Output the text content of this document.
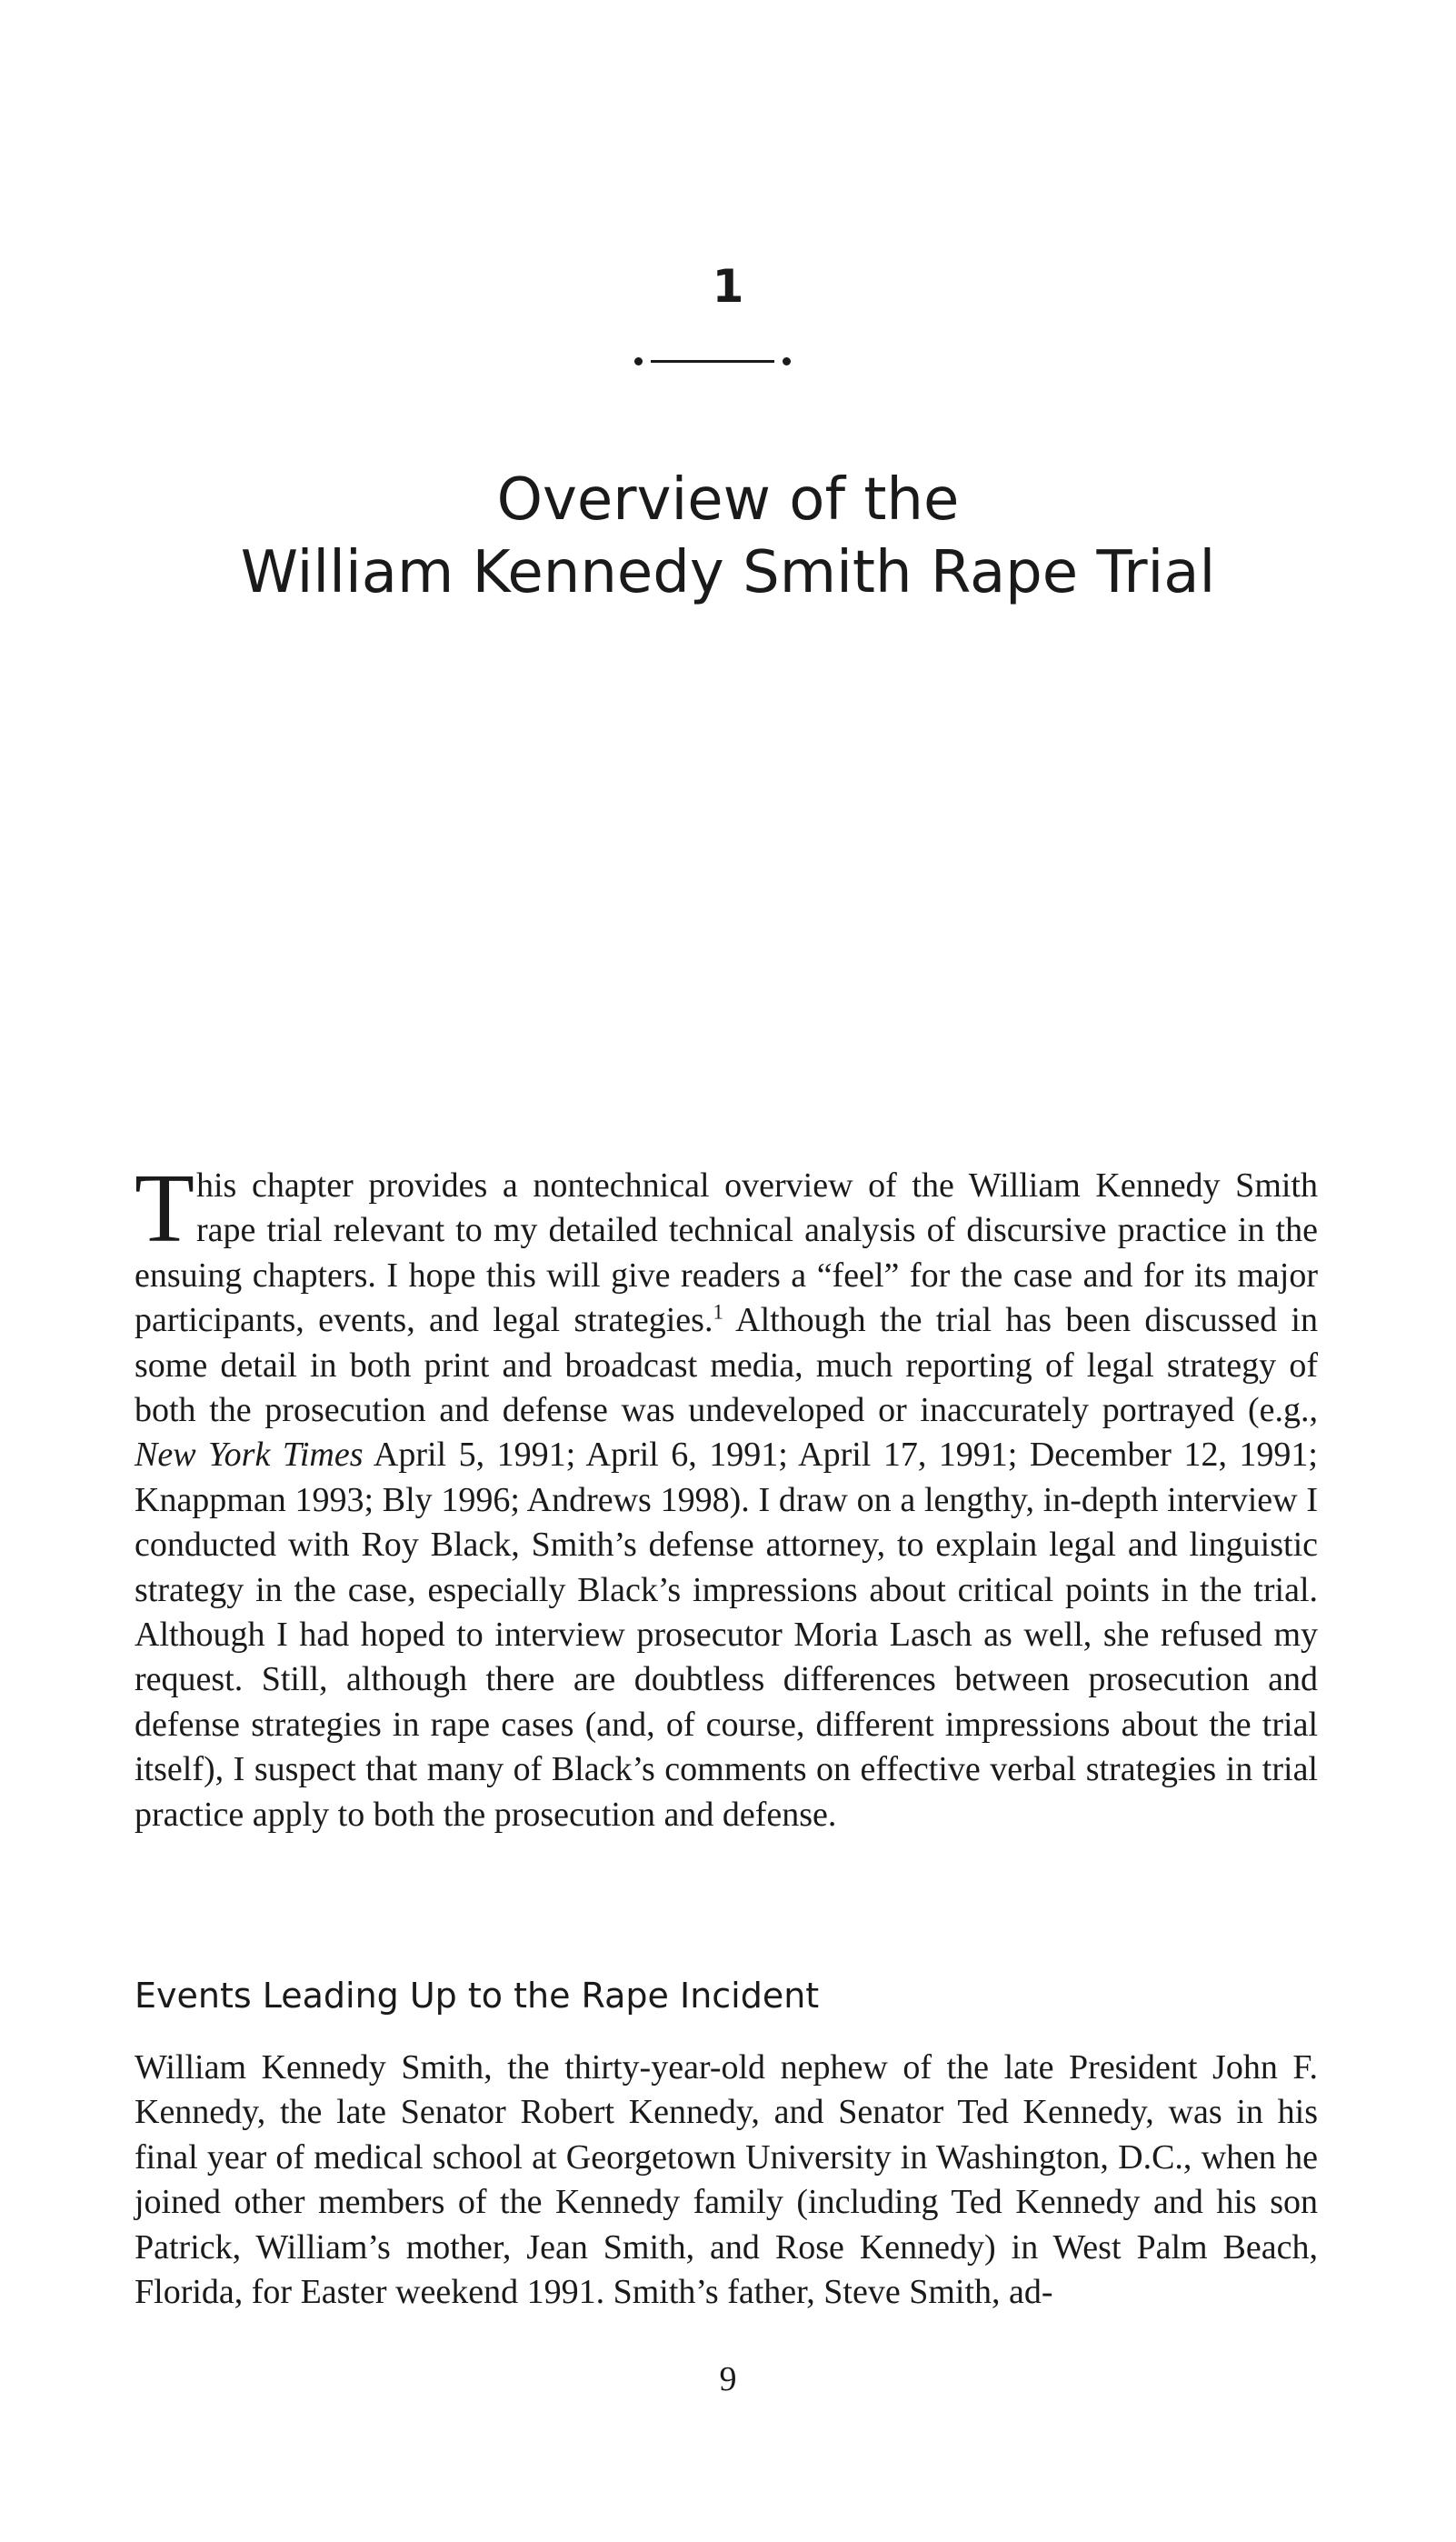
1
Overview of the
William Kennedy Smith Rape Trial

This chapter provides a nontechnical overview of the William Kennedy Smith rape trial relevant to my detailed technical analysis of discursive practice in the ensuing chapters. I hope this will give readers a “feel” for the case and for its major participants, events, and legal strategies.$^1$ Although the trial has been discussed in some detail in both print and broadcast media, much reporting of legal strategy of both the prosecution and defense was undeveloped or inaccurately portrayed (e.g., New York Times April 5, 1991; April 6, 1991; April 17, 1991; December 12, 1991; Knappman 1993; Bly 1996; Andrews 1998). I draw on a lengthy, in-depth interview I conducted with Roy Black, Smith’s defense attorney, to explain legal and linguistic strategy in the case, especially Black’s impressions about critical points in the trial. Although I had hoped to interview prosecutor Moria Lasch as well, she refused my request. Still, although there are doubtless differences between prosecution and defense strategies in rape cases (and, of course, different impressions about the trial itself), I suspect that many of Black’s comments on effective verbal strategies in trial practice apply to both the prosecution and defense.

Events Leading Up to the Rape Incident

William Kennedy Smith, the thirty-year-old nephew of the late President John F. Kennedy, the late Senator Robert Kennedy, and Senator Ted Kennedy, was in his final year of medical school at Georgetown University in Washington, D.C., when he joined other members of the Kennedy family (including Ted Kennedy and his son Patrick, William’s mother, Jean Smith, and Rose Kennedy) in West Palm Beach, Florida, for Easter weekend 1991. Smith’s father, Steve Smith, ad-

9
